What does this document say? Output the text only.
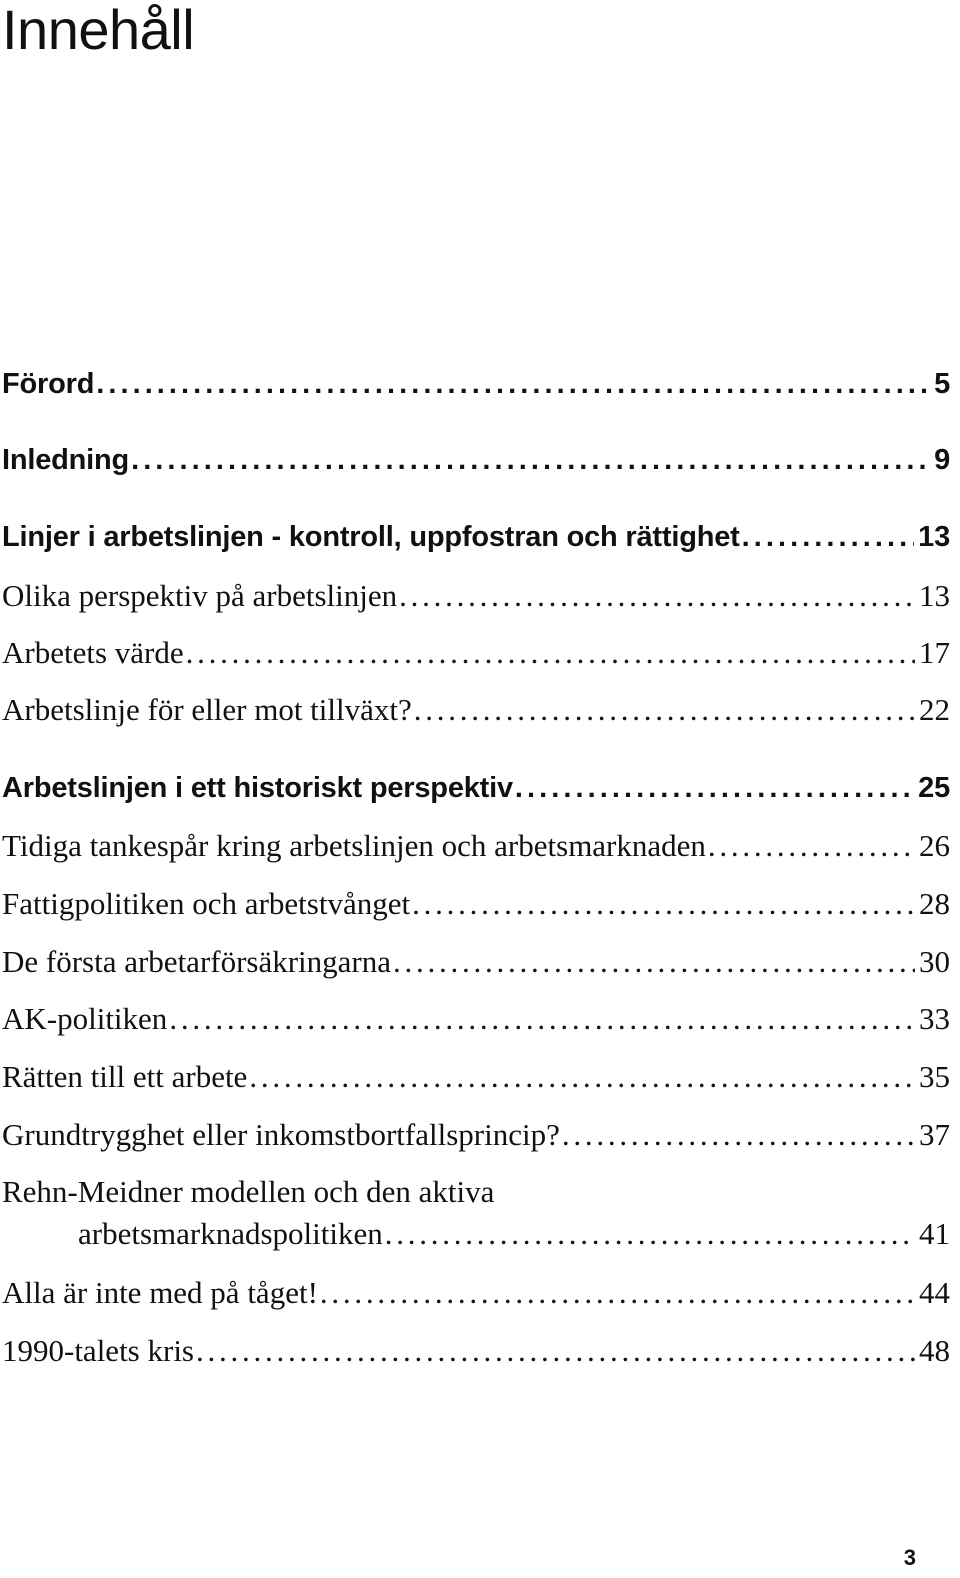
Innehåll
Förord . . .	5
Inledning . . .	9
Linjer i arbetslinjen - kontroll, uppfostran och rättighet . . .	13
Olika perspektiv på arbetslinjen . . .	13
Arbetets värde . . .	17
Arbetslinje för eller mot tillväxt? . . .	22
Arbetslinjen i ett historiskt perspektiv . . .	25
Tidiga tankespår kring arbetslinjen och arbetsmarknaden . . .	26
Fattigpolitiken och arbetstvånget . . .	28
De första arbetarförsäkringarna . . .	30
AK-politiken . . .	33
Rätten till ett arbete . . .	35
Grundtrygghet eller inkomstbortfallsprincip? . . .	37
Rehn-Meidner modellen och den aktiva
arbetsmarknadspolitiken . . .	41
Alla är inte med på tåget! . . .	44
1990-talets kris . . .	48
3
